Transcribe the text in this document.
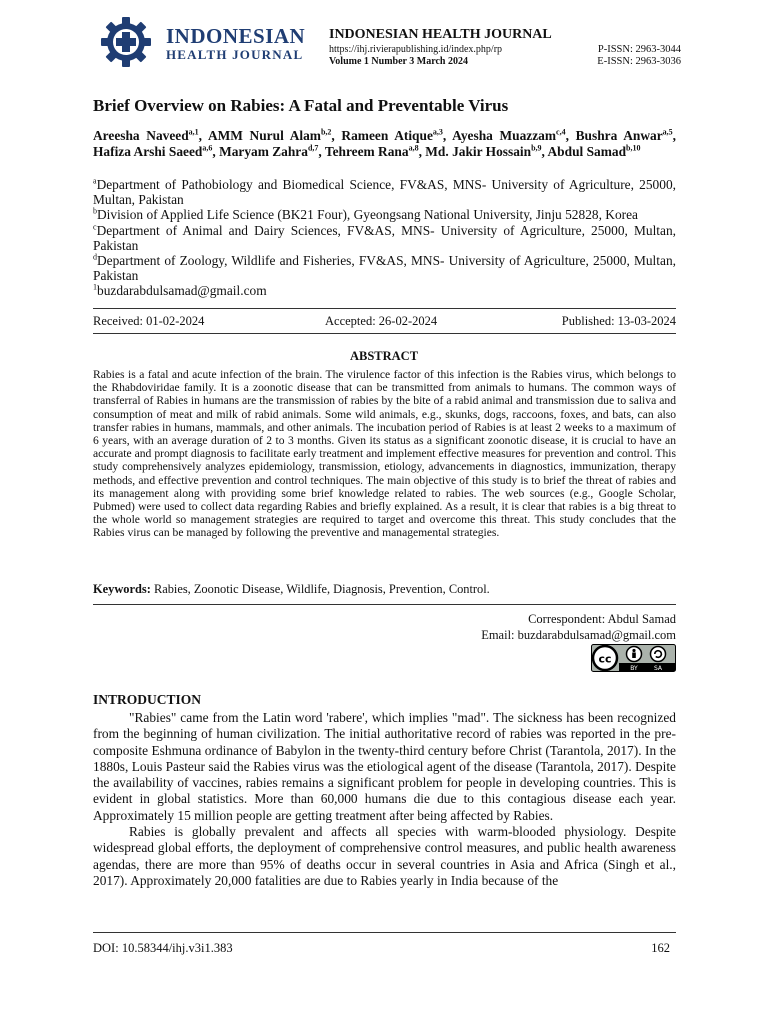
INDONESIAN
HEALTH JOURNAL
INDONESIAN HEALTH JOURNAL
https://ihj.rivierapublishing.id/index.php/rp
Volume 1 Number 3 March 2024
P-ISSN: 2963-3044
E-ISSN: 2963-3036
Brief Overview on Rabies: A Fatal and Preventable Virus
Areesha Naveed$^{a,1}$, AMM Nurul Alam$^{b,2}$, Rameen Atique$^{a,3}$, Ayesha Muazzam$^{c,4}$, Bushra Anwar$^{a,5}$, Hafiza Arshi Saeed$^{a,6}$, Maryam Zahra$^{d,7}$, Tehreem Rana$^{a,8}$, Md. Jakir Hossain$^{b,9}$, Abdul Samad$^{b,10}$
$^a$Department of Pathobiology and Biomedical Science, FV&AS, MNS- University of Agriculture, 25000, Multan, Pakistan
$^b$Division of Applied Life Science (BK21 Four), Gyeongsang National University, Jinju 52828, Korea
$^c$Department of Animal and Dairy Sciences, FV&AS, MNS- University of Agriculture, 25000, Multan, Pakistan
$^d$Department of Zoology, Wildlife and Fisheries, FV&AS, MNS- University of Agriculture, 25000, Multan, Pakistan
$^1$buzdarabdulsamad@gmail.com
Received: 01-02-2024	Accepted: 26-02-2024	Published: 13-03-2024
ABSTRACT
Rabies is a fatal and acute infection of the brain. The virulence factor of this infection is the Rabies virus, which belongs to the Rhabdoviridae family. It is a zoonotic disease that can be transmitted from animals to humans. The common ways of transferral of Rabies in humans are the transmission of rabies by the bite of a rabid animal and transmission due to saliva and consumption of meat and milk of rabid animals. Some wild animals, e.g., skunks, dogs, raccoons, foxes, and bats, can also transfer rabies in humans, mammals, and other animals. The incubation period of Rabies is at least 2 weeks to a maximum of 6 years, with an average duration of 2 to 3 months. Given its status as a significant zoonotic disease, it is crucial to have an accurate and prompt diagnosis to facilitate early treatment and implement effective measures for prevention and control. This study comprehensively analyzes epidemiology, transmission, etiology, advancements in diagnostics, immunization, therapy methods, and effective prevention and control techniques. The main objective of this study is to brief the threat of rabies and its management along with providing some brief knowledge related to rabies. The web sources (e.g., Google Scholar, Pubmed) were used to collect data regarding Rabies and briefly explained. As a result, it is clear that rabies is a big threat to the whole world so management strategies are required to target and overcome this threat. This study concludes that the Rabies virus can be managed by following the preventive and managemental strategies.
Keywords: Rabies, Zoonotic Disease, Wildlife, Diagnosis, Prevention, Control.
Correspondent: Abdul Samad
Email: buzdarabdulsamad@gmail.com
cc
BY	SA
INTRODUCTION

"Rabies" came from the Latin word 'rabere', which implies "mad". The sickness has been recognized from the beginning of human civilization. The initial authoritative record of rabies was reported in the pre-composite Eshmuna ordinance of Babylon in the twenty-third century before Christ (Tarantola, 2017). In the 1880s, Louis Pasteur said the Rabies virus was the etiological agent of the disease (Tarantola, 2017). Despite the availability of vaccines, rabies remains a significant problem for people in developing countries. This is evident in global statistics. More than 60,000 humans die due to this contagious disease each year. Approximately 15 million people are getting treatment after being affected by Rabies.

Rabies is globally prevalent and affects all species with warm-blooded physiology. Despite widespread global efforts, the deployment of comprehensive control measures, and public health awareness agendas, there are more than 95% of deaths occur in several countries in Asia and Africa (Singh et al., 2017). Approximately 20,000 fatalities are due to Rabies yearly in India because of the

DOI: 10.58344/ihj.v3i1.383	162
